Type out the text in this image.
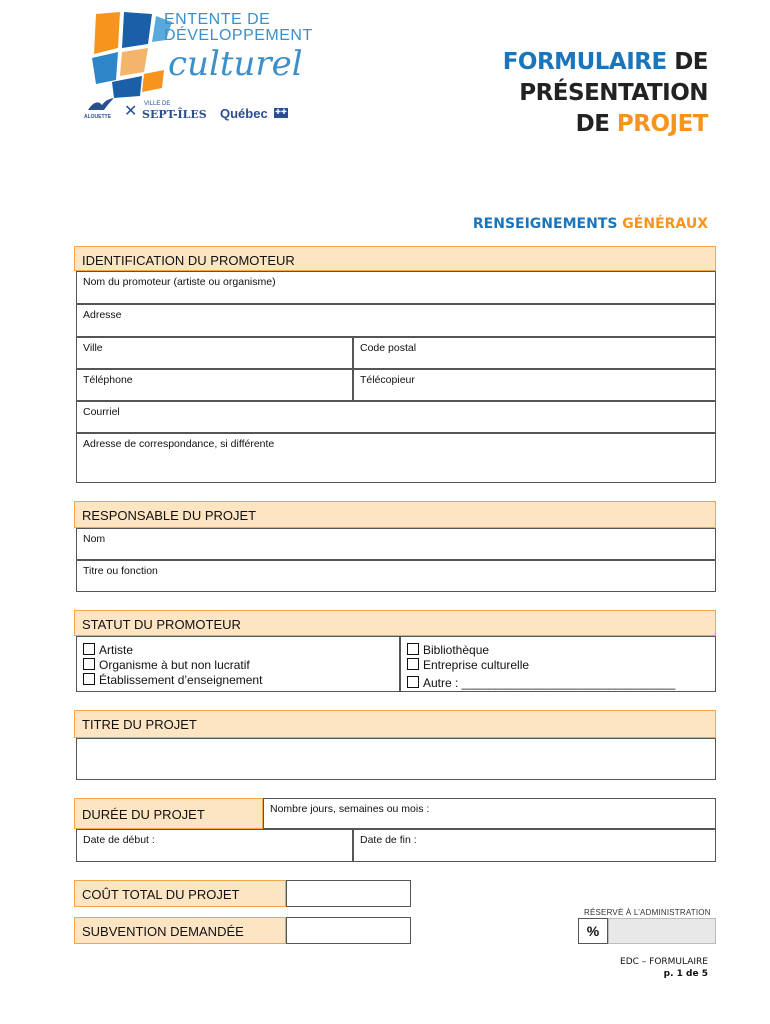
ENTENTE DE
DÉVELOPPEMENT
culturel
ALOUETTE ✕ VILLE DE
SEPT-ÎLES Québec ✚✚
FORMULAIRE DE
PRÉSENTATION
DE PROJET
RENSEIGNEMENTS GÉNÉRAUX
IDENTIFICATION DU PROMOTEUR
Nom du promoteur (artiste ou organisme)
Adresse
Ville	Code postal
Téléphone	Télécopieur
Courriel
Adresse de correspondance, si différente
RESPONSABLE DU PROJET
Nom
Titre ou fonction
STATUT DU PROMOTEUR
Artiste
Organisme à but non lucratif
Établissement d’enseignement
Bibliothèque
Entreprise culturelle
Autre : ________________________________
TITRE DU PROJET
DURÉE DU PROJET	Nombre jours, semaines ou mois :
Date de début :	Date de fin :
COÛT TOTAL DU PROJET
SUBVENTION DEMANDÉE
RÉSERVÉ À L’ADMINISTRATION
%
EDC – FORMULAIRE
p. 1 de 5
